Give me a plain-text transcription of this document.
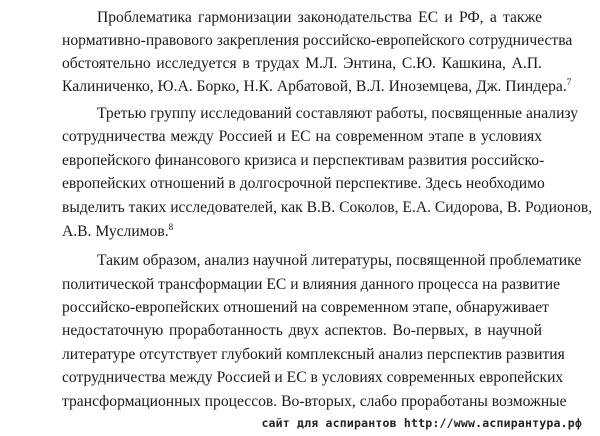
Проблематика гармонизации законодательства ЕС и РФ, а также
нормативно-правового закрепления российско-европейского сотрудничества
обстоятельно исследуется в трудах М.Л. Энтина, С.Ю. Кашкина, А.П.
Калиниченко, Ю.А. Борко, Н.К. Арбатовой, В.Л. Иноземцева, Дж. Пиндера.$^7$
Третью группу исследований составляют работы, посвященные анализу
сотрудничества между Россией и ЕС на современном этапе в условиях
европейского финансового кризиса и перспективам развития российско-
европейских отношений в долгосрочной перспективе. Здесь необходимо
выделить таких исследователей, как В.В. Соколов, Е.А. Сидорова, В. Родионов,
А.В. Муслимов.$^8$
Таким образом, анализ научной литературы, посвященной проблематике
политической трансформации ЕС и влияния данного процесса на развитие
российско-европейских отношений на современном этапе, обнаруживает
недостаточную проработанность двух аспектов. Во-первых, в научной
литературе отсутствует глубокий комплексный анализ перспектив развития
сотрудничества между Россией и ЕС в условиях современных европейских
трансформационных процессов. Во-вторых, слабо проработаны возможные
сайт для аспирантов http://www.аспирантура.рф
